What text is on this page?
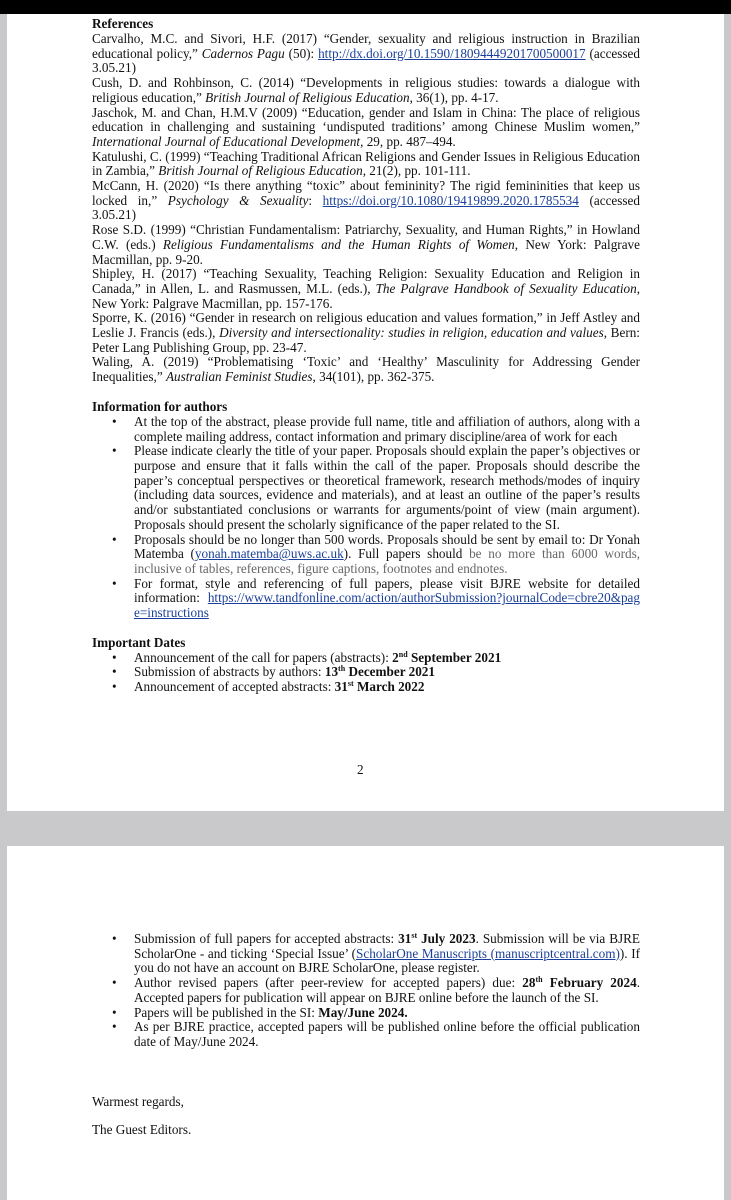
References

Carvalho, M.C. and Sivori, H.F. (2017) “Gender, sexuality and religious instruction in Brazilian educational policy,” Cadernos Pagu (50): http://dx.doi.org/10.1590/18094449201700500017 (accessed 3.05.21)

Cush, D. and Rohbinson, C. (2014) “Developments in religious studies: towards a dialogue with religious education,” British Journal of Religious Education, 36(1), pp. 4-17.

Jaschok, M. and Chan, H.M.V (2009) “Education, gender and Islam in China: The place of religious education in challenging and sustaining ‘undisputed traditions’ among Chinese Muslim women,” International Journal of Educational Development, 29, pp. 487–494.

Katulushi, C. (1999) “Teaching Traditional African Religions and Gender Issues in Religious Education in Zambia,” British Journal of Religious Education, 21(2), pp. 101-111.

McCann, H. (2020) “Is there anything “toxic” about femininity? The rigid femininities that keep us locked in,” Psychology & Sexuality: https://doi.org/10.1080/19419899.2020.1785534 (accessed 3.05.21)

Rose S.D. (1999) “Christian Fundamentalism: Patriarchy, Sexuality, and Human Rights,” in Howland C.W. (eds.) Religious Fundamentalisms and the Human Rights of Women, New York: Palgrave Macmillan, pp. 9-20.

Shipley, H. (2017) “Teaching Sexuality, Teaching Religion: Sexuality Education and Religion in Canada,” in Allen, L. and Rasmussen, M.L. (eds.), The Palgrave Handbook of Sexuality Education, New York: Palgrave Macmillan, pp. 157-176.

Sporre, K. (2016) “Gender in research on religious education and values formation,” in Jeff Astley and Leslie J. Francis (eds.), Diversity and intersectionality: studies in religion, education and values, Bern: Peter Lang Publishing Group, pp. 23-47.

Waling, A. (2019) “Problematising ‘Toxic’ and ‘Healthy’ Masculinity for Addressing Gender Inequalities,” Australian Feminist Studies, 34(101), pp. 362-375.

Information for authors
• At the top of the abstract, please provide full name, title and affiliation of authors, along with a complete mailing address, contact information and primary discipline/area of work for each
• Please indicate clearly the title of your paper. Proposals should explain the paper’s objectives or purpose and ensure that it falls within the call of the paper. Proposals should describe the paper’s conceptual perspectives or theoretical framework, research methods/modes of inquiry (including data sources, evidence and materials), and at least an outline of the paper’s results and/or substantiated conclusions or warrants for arguments/point of view (main argument). Proposals should present the scholarly significance of the paper related to the SI.
• Proposals should be no longer than 500 words. Proposals should be sent by email to: Dr Yonah Matemba (yonah.matemba@uws.ac.uk). Full papers should be no more than 6000 words, inclusive of tables, references, figure captions, footnotes and endnotes.
• For format, style and referencing of full papers, please visit BJRE website for detailed information: https://www.tandfonline.com/action/authorSubmission?journalCode=cbre20&page=instructions
Important Dates
• Announcement of the call for papers (abstracts): 2nd September 2021
• Submission of abstracts by authors: 13th December 2021
• Announcement of accepted abstracts: 31st March 2022
2
• Submission of full papers for accepted abstracts: 31st July 2023. Submission will be via BJRE ScholarOne - and ticking ‘Special Issue’ (ScholarOne Manuscripts (manuscriptcentral.com)). If you do not have an account on BJRE ScholarOne, please register.
• Author revised papers (after peer-review for accepted papers) due: 28th February 2024. Accepted papers for publication will appear on BJRE online before the launch of the SI.
• Papers will be published in the SI: May/June 2024.
• As per BJRE practice, accepted papers will be published online before the official publication date of May/June 2024.

Warmest regards,

The Guest Editors.
